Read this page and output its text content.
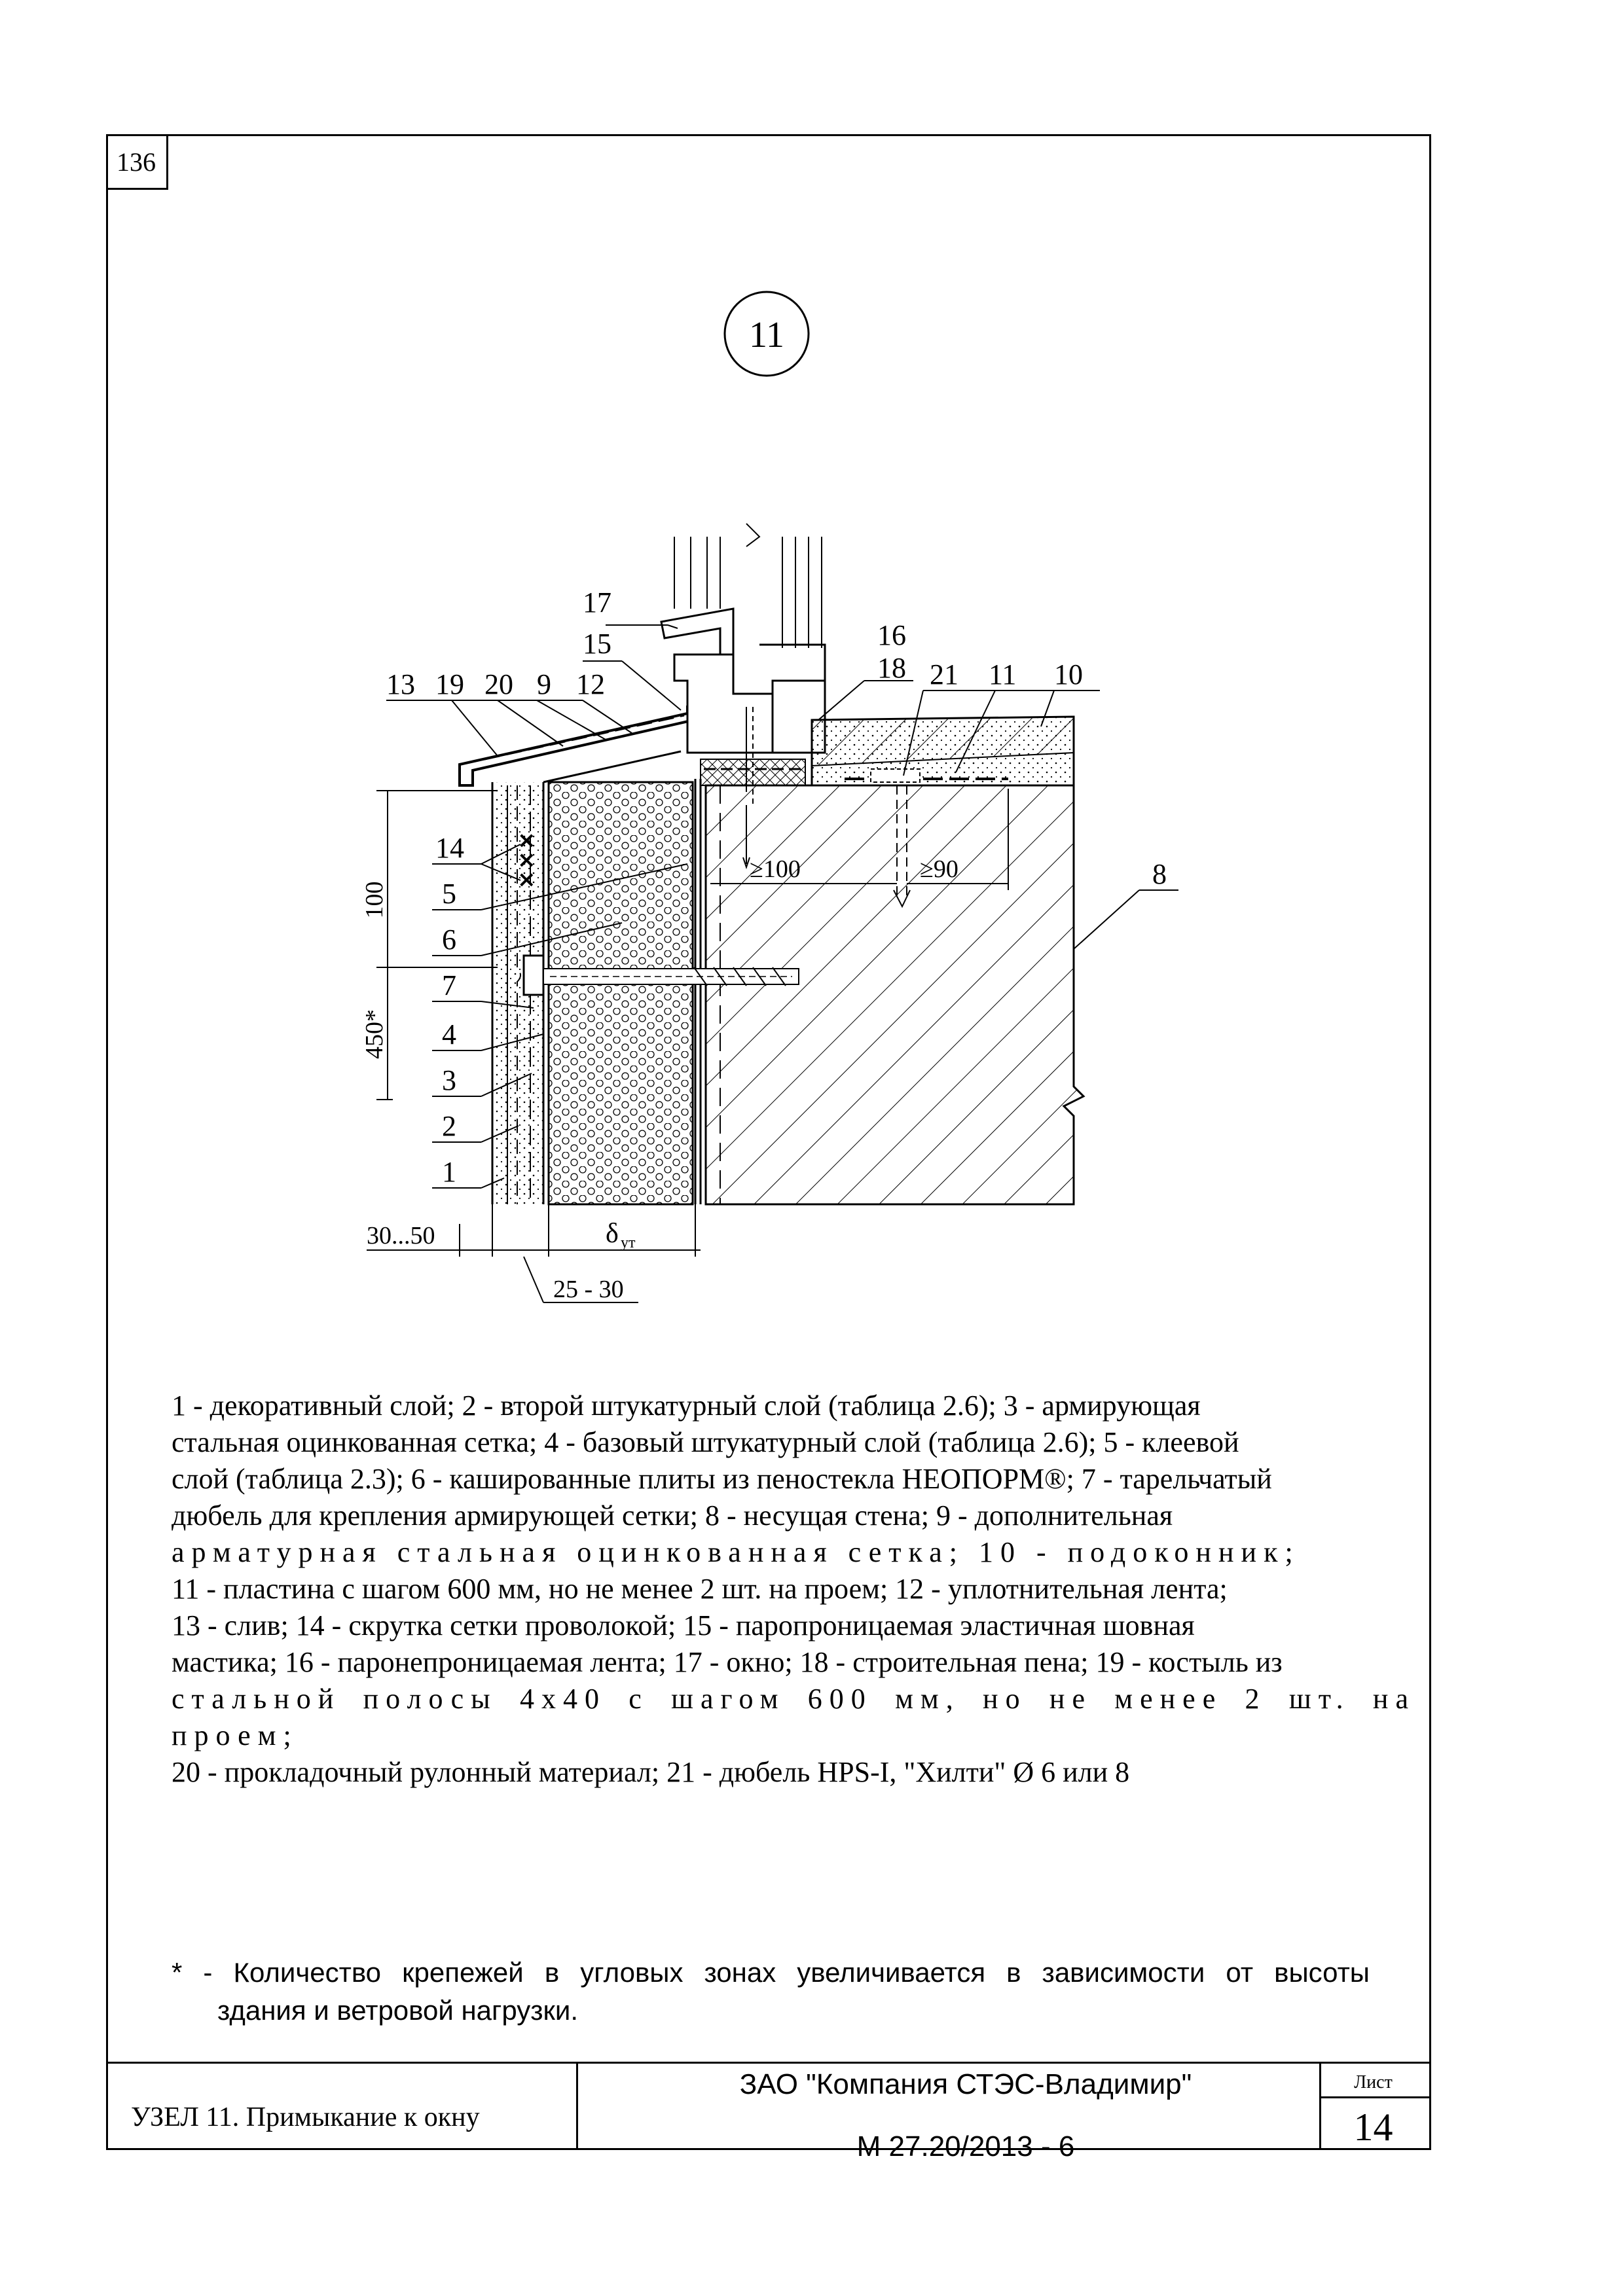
136
11
×
×
×
100
450*
≥100	≥90
30...50	δ ут
25 - 30
13 19 20 9 12
17
15	16
18 21 11 10
8
14
5
6
7
4
3
2
1
1 - декоративный слой; 2 - второй штукатурный слой (таблица 2.6); 3 - армирующая
стальная оцинкованная сетка; 4 - базовый штукатурный слой (таблица 2.6); 5 - клеевой
слой (таблица 2.3); 6 - кашированные плиты из пеностекла НЕОПОРМ®; 7 - тарельчатый
дюбель для крепления армирующей сетки; 8 - несущая стена; 9 - дополнительная
арматурная стальная оцинкованная сетка; 10 - подоконник;
11 - пластина с шагом 600 мм, но не менее 2 шт. на проем; 12 - уплотнительная лента;
13 - слив; 14 - скрутка сетки проволокой; 15 - паропроницаемая эластичная шовная
мастика; 16 - паронепроницаемая лента; 17 - окно; 18 - строительная пена; 19 - костыль из
стальной полосы 4х40 с шагом 600 мм, но не менее 2 шт. на проем;
20 - прокладочный рулонный материал; 21 - дюбель HPS-I, "Хилти" Ø 6 или 8
* - Количество крепежей в угловых зонах увеличивается в зависимости от высоты
здания и ветровой нагрузки.
УЗЕЛ 11. Примыкание к окну
ЗАО "Компания СТЭС-Владимир"
М 27.20/2013 - 6
Лист
14
